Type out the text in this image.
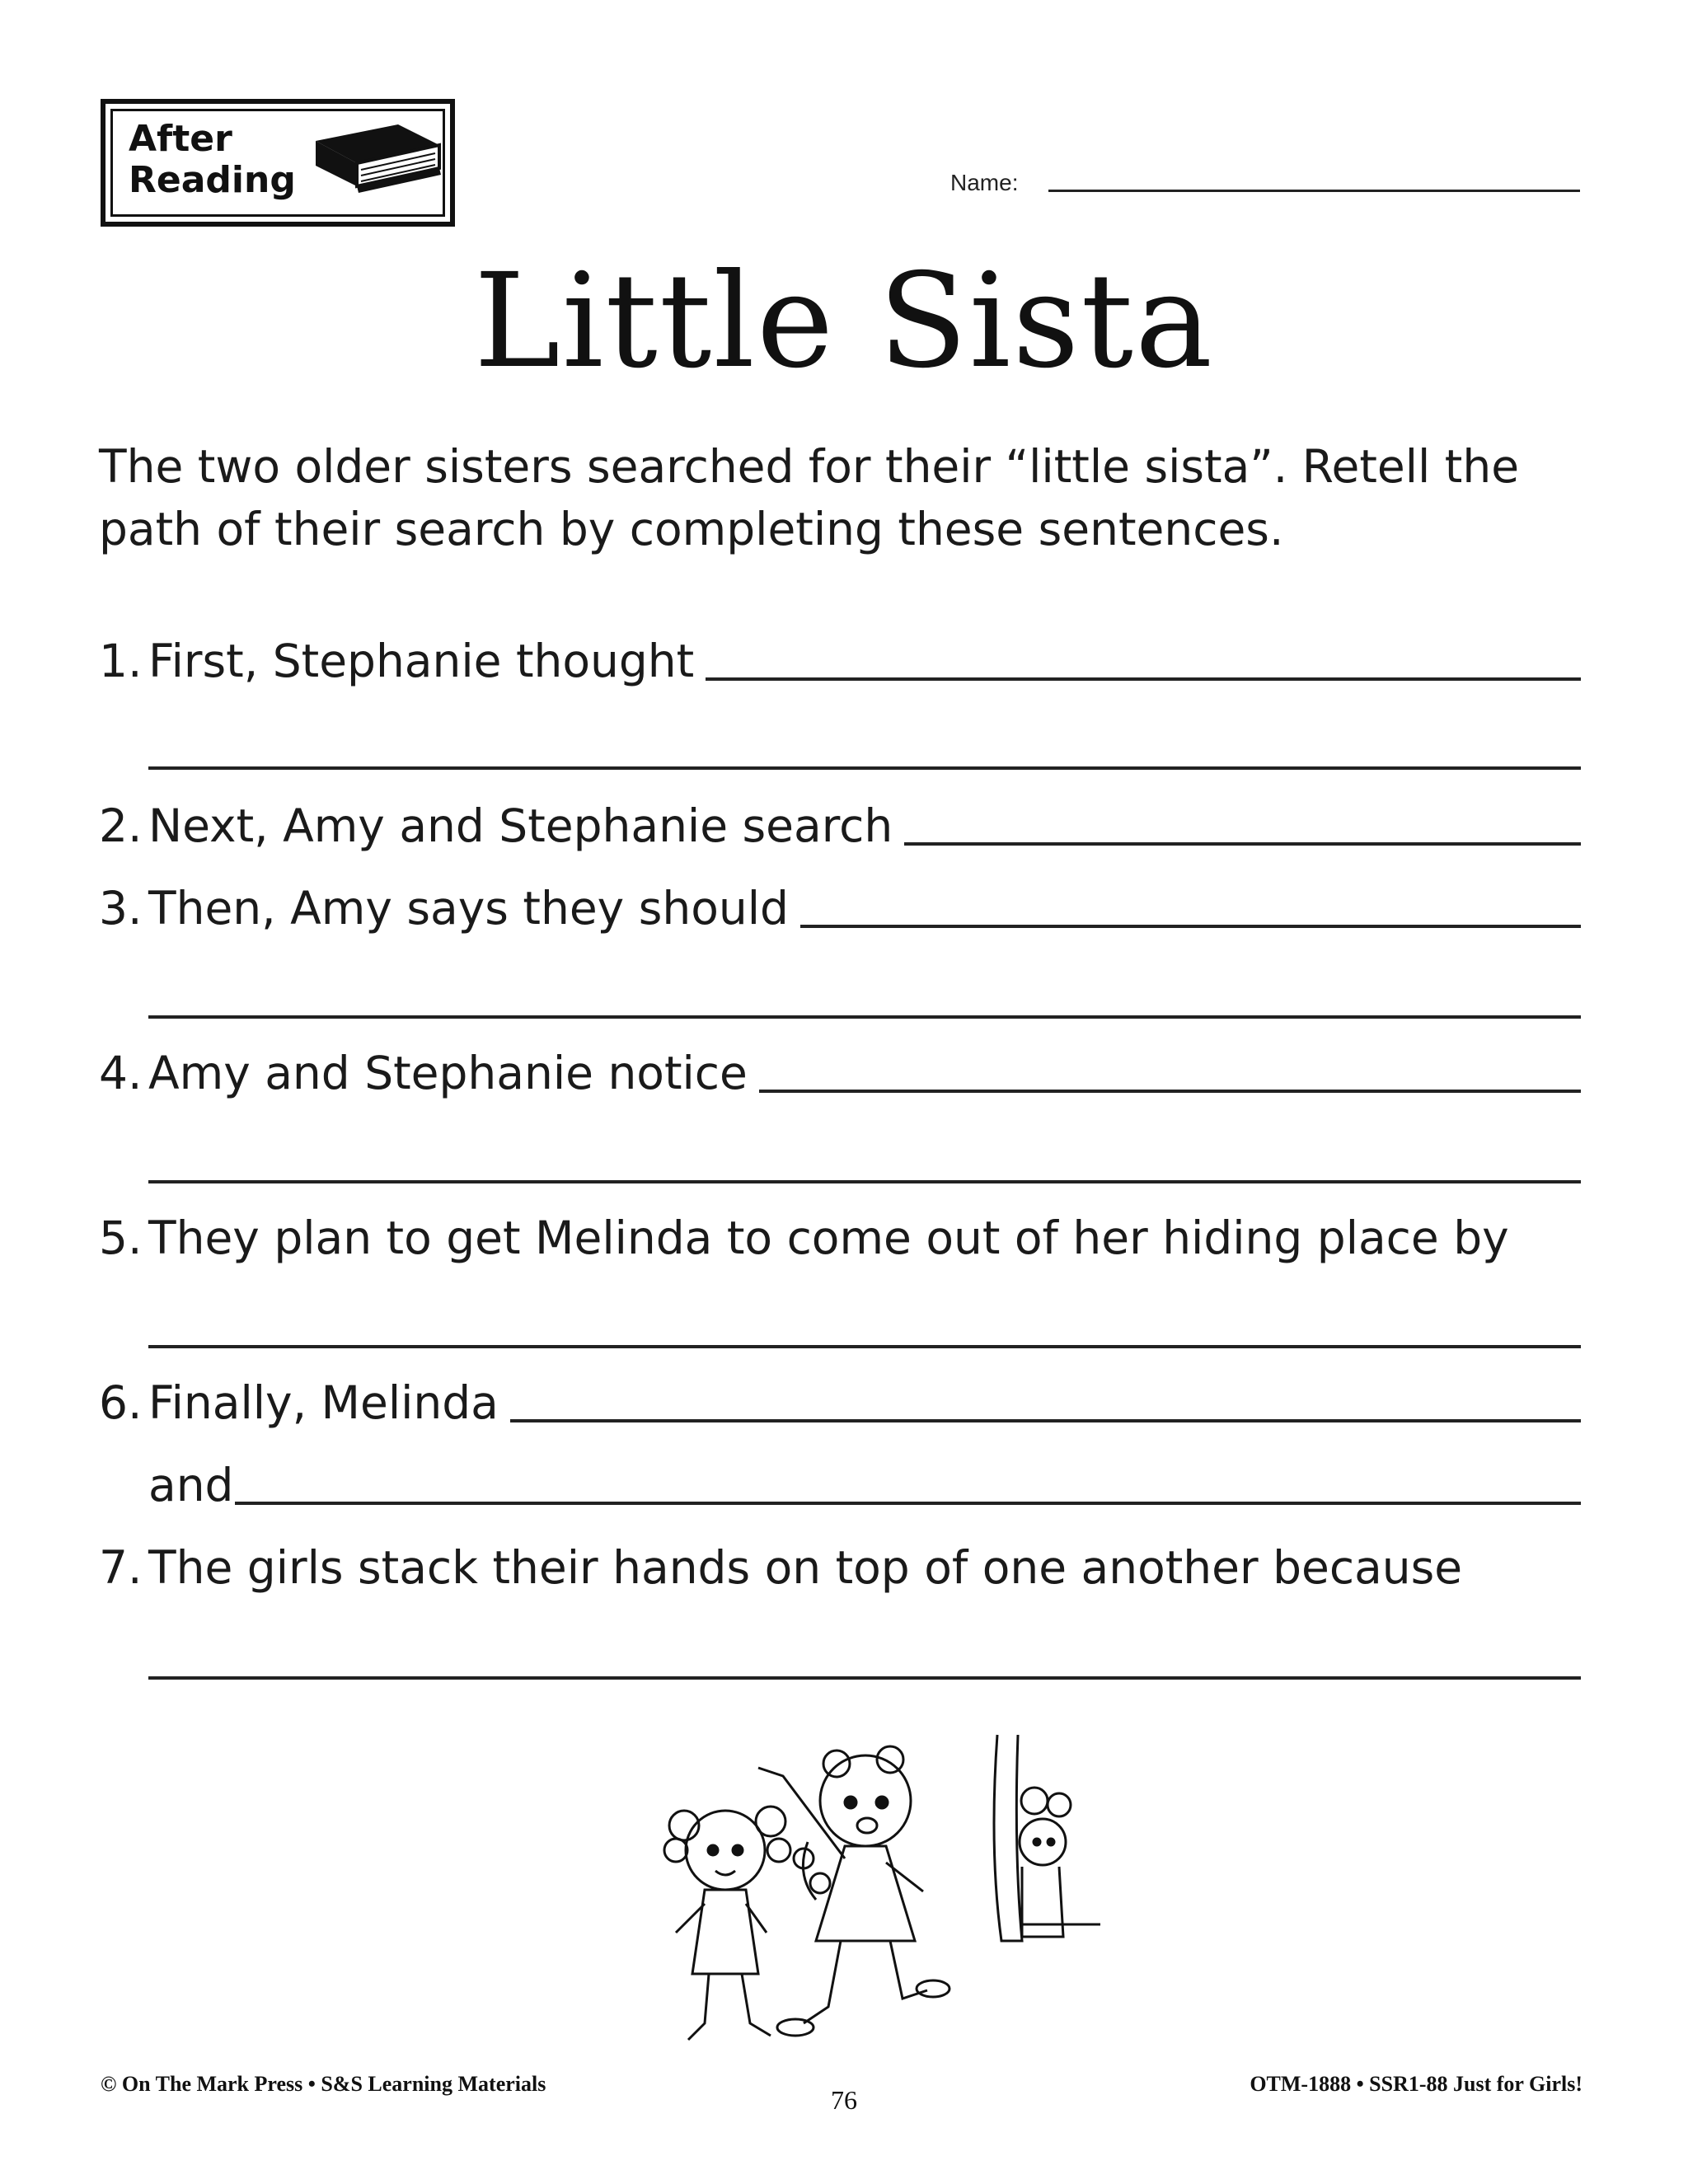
After
Reading	Name:
Little Sista
The two older sisters searched for their “little sista”. Retell the path of their search by completing these sentences.
1. First, Stephanie thought
2. Next, Amy and Stephanie search
3. Then, Amy says they should
4. Amy and Stephanie notice
5. They plan to get Melinda to come out of her hiding place by
6. Finally, Melinda
and
7. The girls stack their hands on top of one another because
© On The Mark Press • S&S Learning Materials
76
OTM-1888 • SSR1-88 Just for Girls!
